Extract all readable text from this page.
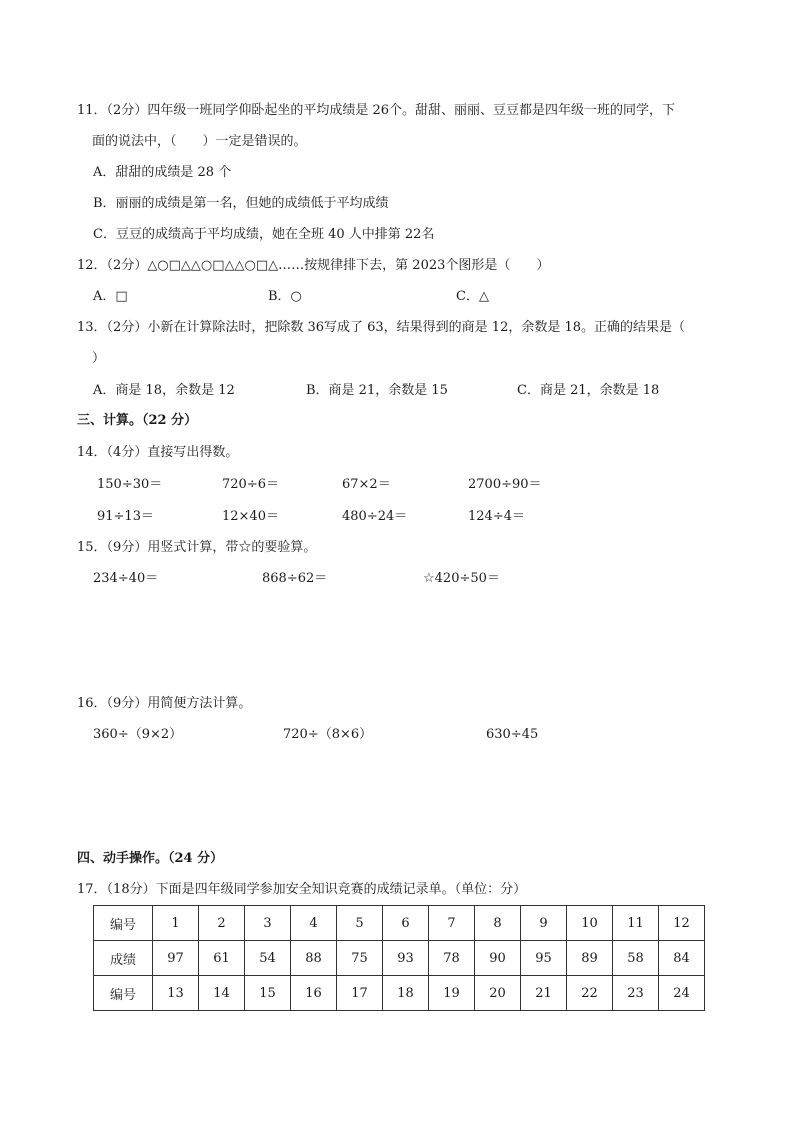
11．（2分）四年级一班同学仰卧起坐的平均成绩是 26个。甜甜、丽丽、豆豆都是四年级一班的同学，下
面的说法中，（　　）一定是错误的。
A．甜甜的成绩是 28 个
B．丽丽的成绩是第一名，但她的成绩低于平均成绩
C．豆豆的成绩高于平均成绩，她在全班 40 人中排第 22名
12．（2分）△○□△△○□△△○□△……按规律排下去，第 2023个图形是（　　）
A．□	B．○	C．△
13．（2分）小新在计算除法时，把除数 36写成了 63，结果得到的商是 12，余数是 18。正确的结果是（
）
A．商是 18，余数是 12	B．商是 21，余数是 15	C．商是 21，余数是 18
三、计算。（22 分）
14．（4分）直接写出得数。
150÷30＝	720÷6＝	67×2＝	2700÷90＝
91÷13＝	12×40＝	480÷24＝	124÷4＝
15．（9分）用竖式计算，带☆的要验算。
234÷40＝	868÷62＝	☆420÷50＝
16．（9分）用简便方法计算。
360÷（9×2）	720÷（8×6）	630÷45
四、动手操作。（24 分）
17．（18分）下面是四年级同学参加安全知识竞赛的成绩记录单。（单位：分）
编号	1	2	3	4	5	6	7	8	9	10	11	12
成绩	97	61	54	88	75	93	78	90	95	89	58	84
编号	13	14	15	16	17	18	19	20	21	22	23	24
